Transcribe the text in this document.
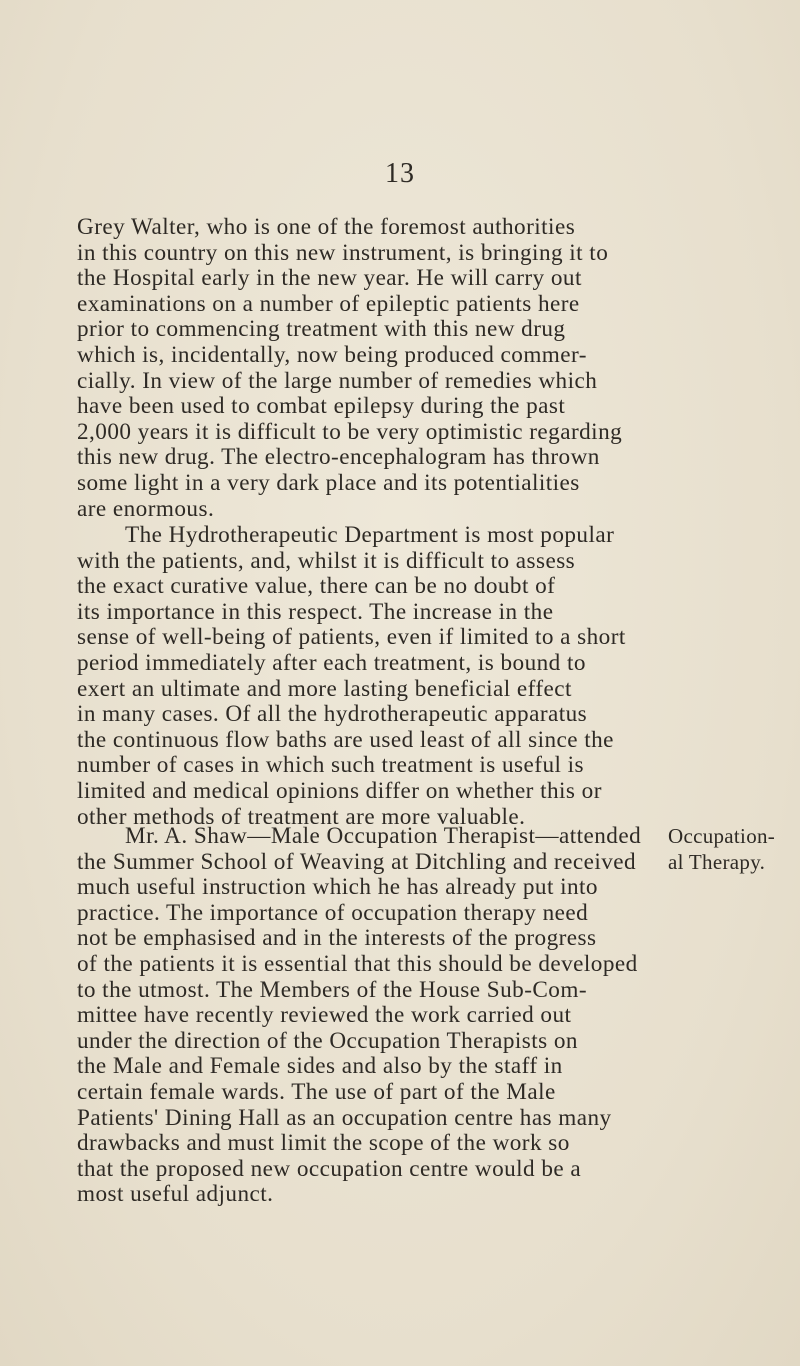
13

Grey Walter, who is one of the foremost authorities
in this country on this new instrument, is bringing it to
the Hospital early in the new year. He will carry out
examinations on a number of epileptic patients here
prior to commencing treatment with this new drug
which is, incidentally, now being produced commer-
cially. In view of the large number of remedies which
have been used to combat epilepsy during the past
2,000 years it is difficult to be very optimistic regarding
this new drug. The electro-encephalogram has thrown
some light in a very dark place and its potentialities
are enormous.

The Hydrotherapeutic Department is most popular
with the patients, and, whilst it is difficult to assess
the exact curative value, there can be no doubt of
its importance in this respect. The increase in the
sense of well-being of patients, even if limited to a short
period immediately after each treatment, is bound to
exert an ultimate and more lasting beneficial effect
in many cases. Of all the hydrotherapeutic apparatus
the continuous flow baths are used least of all since the
number of cases in which such treatment is useful is
limited and medical opinions differ on whether this or
other methods of treatment are more valuable.

Mr. A. Shaw—Male Occupation Therapist—attended
the Summer School of Weaving at Ditchling and received
much useful instruction which he has already put into
practice. The importance of occupation therapy need
not be emphasised and in the interests of the progress
of the patients it is essential that this should be developed
to the utmost. The Members of the House Sub-Com-
mittee have recently reviewed the work carried out
under the direction of the Occupation Therapists on
the Male and Female sides and also by the staff in
certain female wards. The use of part of the Male
Patients' Dining Hall as an occupation centre has many
drawbacks and must limit the scope of the work so
that the proposed new occupation centre would be a
most useful adjunct.

Occupation-
al Therapy.
